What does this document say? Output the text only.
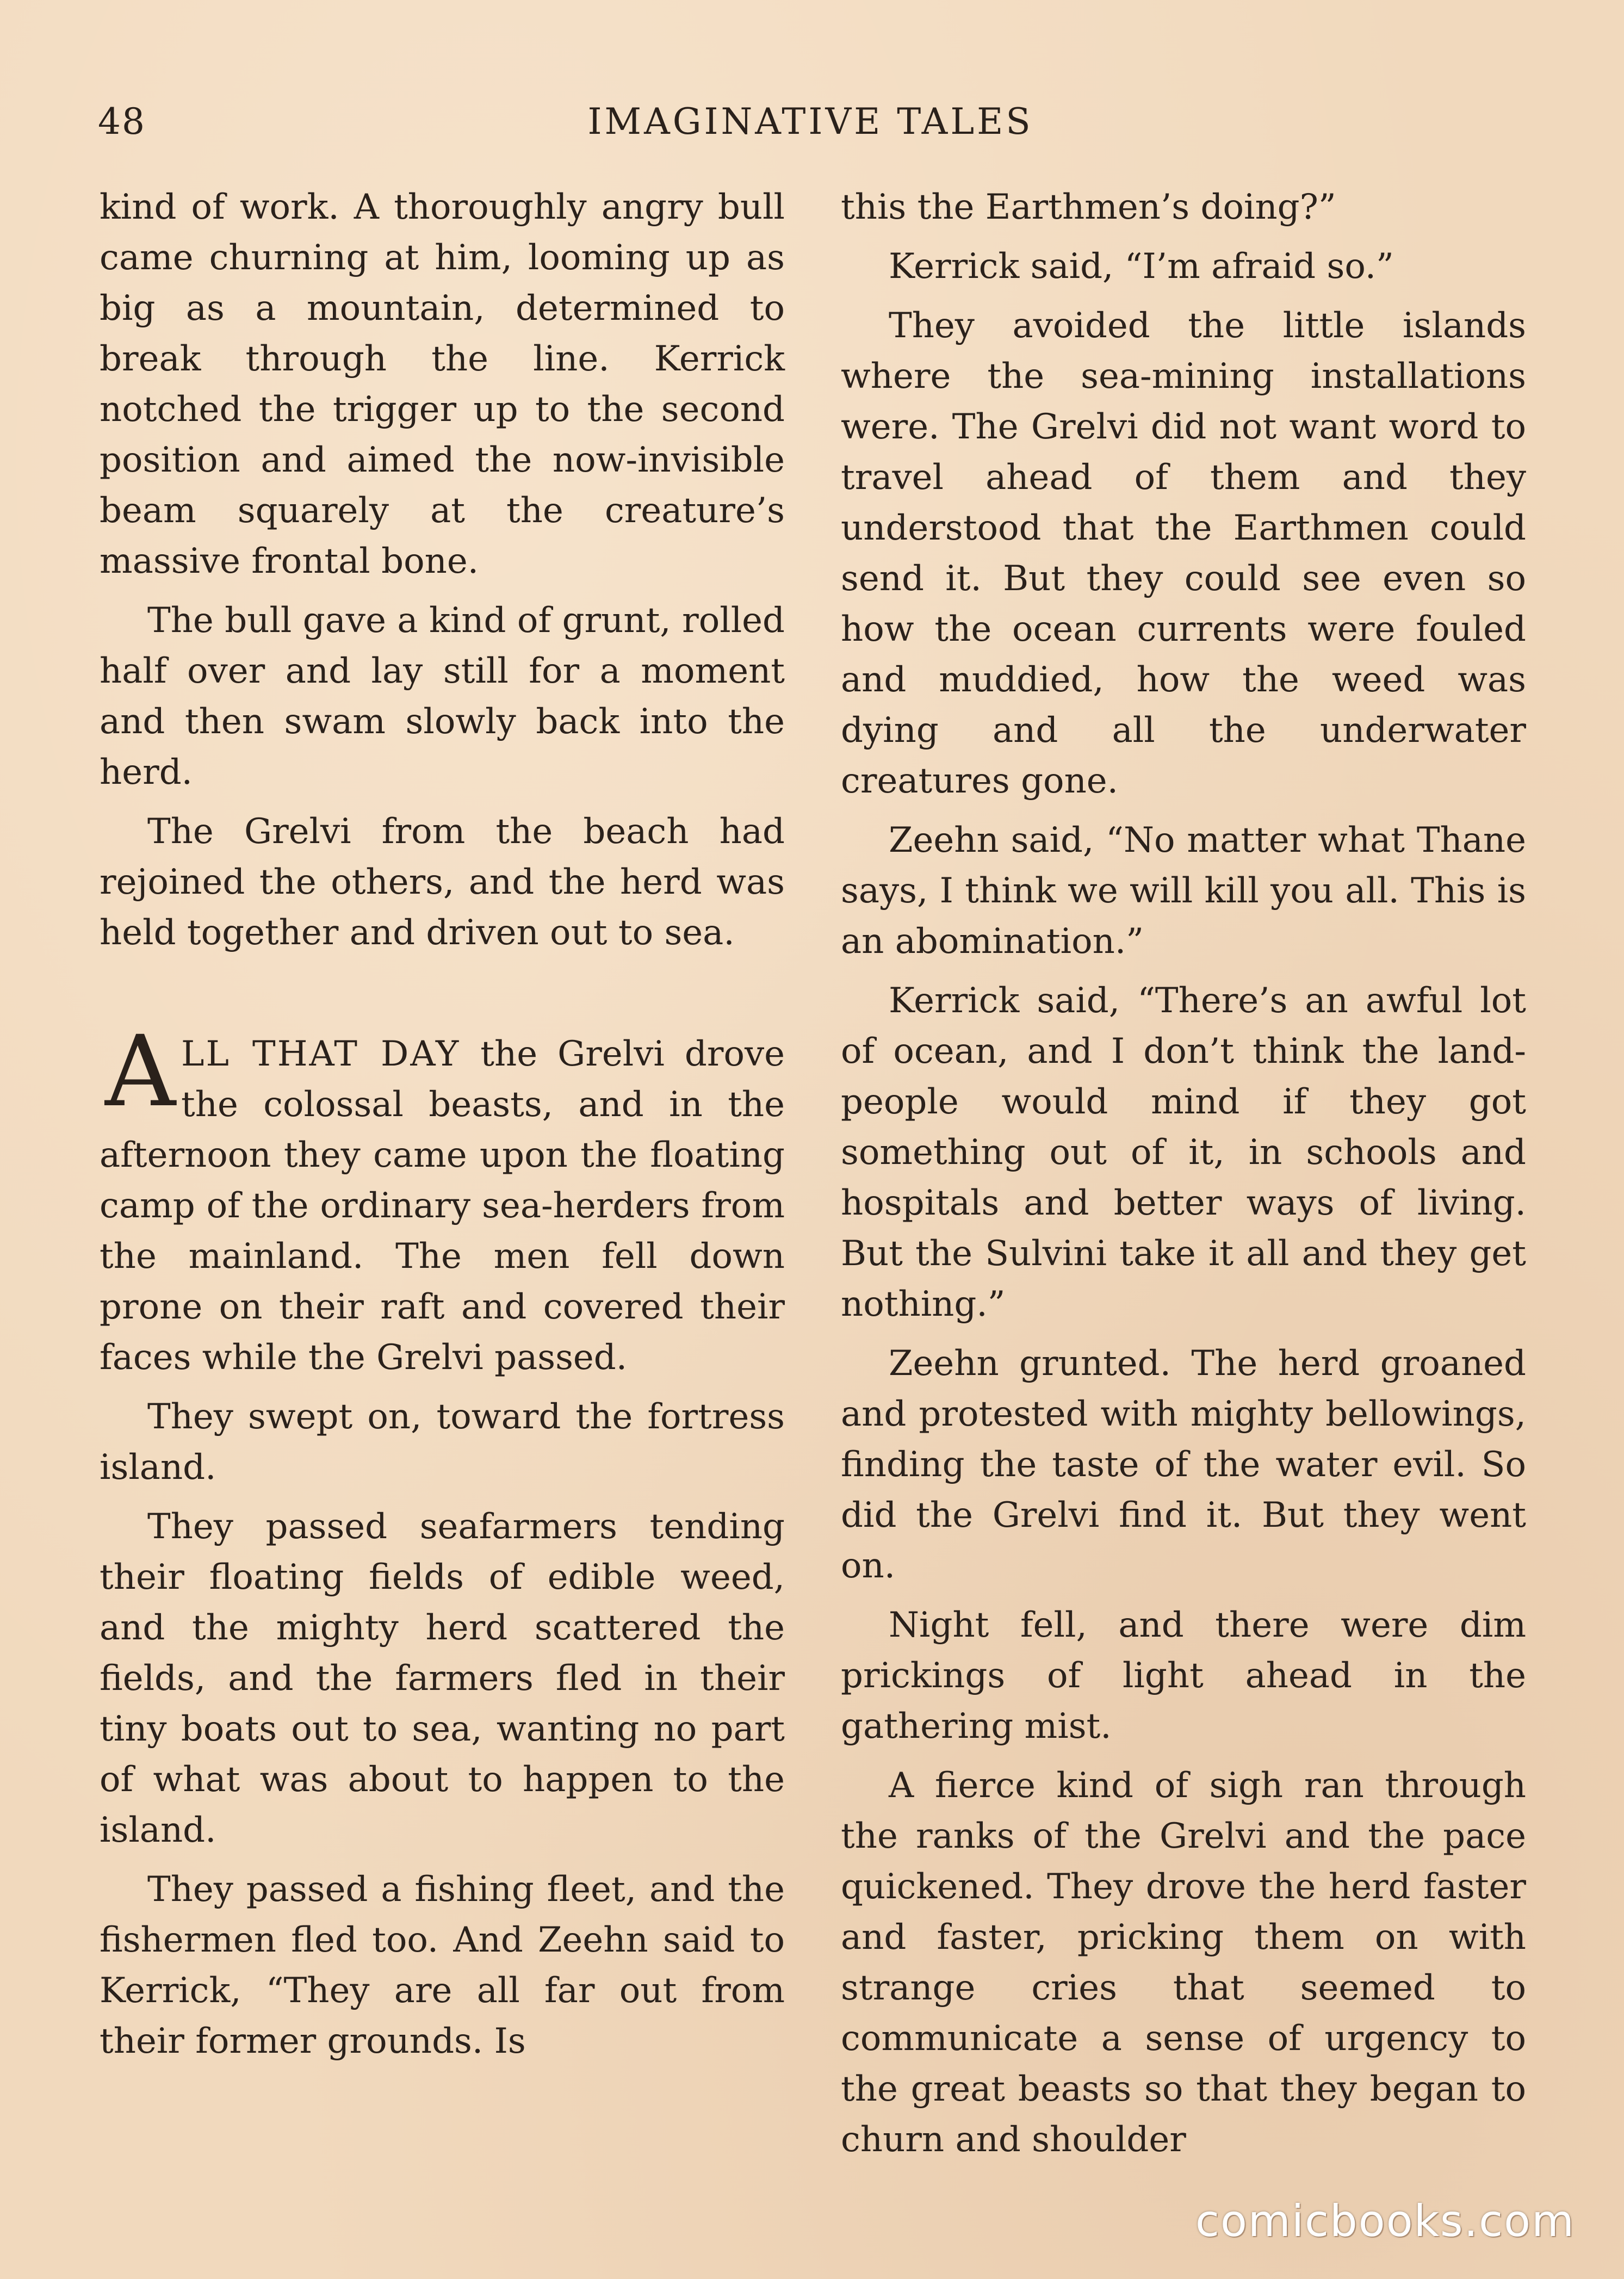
48	IMAGINATIVE TALES

kind of work. A thoroughly angry bull came churning at him, looming up as big as a mountain, determined to break through the line. Kerrick notched the trigger up to the second position and aimed the now-invisible beam squarely at the creature’s massive frontal bone.

The bull gave a kind of grunt, rolled half over and lay still for a moment and then swam slowly back into the herd.

The Grelvi from the beach had rejoined the others, and the herd was held together and driven out to sea.

ALL THAT DAY the Grelvi drove the colossal beasts, and in the afternoon they came upon the floating camp of the ordinary sea-herders from the mainland. The men fell down prone on their raft and covered their faces while the Grelvi passed.

They swept on, toward the fortress island.

They passed seafarmers tending their floating fields of edible weed, and the mighty herd scattered the fields, and the farmers fled in their tiny boats out to sea, wanting no part of what was about to happen to the island.

They passed a fishing fleet, and the fishermen fled too. And Zeehn said to Kerrick, “They are all far out from their former grounds. Is

this the Earthmen’s doing?”

Kerrick said, “I’m afraid so.”

They avoided the little islands where the sea-mining installations were. The Grelvi did not want word to travel ahead of them and they understood that the Earthmen could send it. But they could see even so how the ocean currents were fouled and muddied, how the weed was dying and all the underwater creatures gone.

Zeehn said, “No matter what Thane says, I think we will kill you all. This is an abomination.”

Kerrick said, “There’s an awful lot of ocean, and I don’t think the land-people would mind if they got something out of it, in schools and hospitals and better ways of living. But the Sulvini take it all and they get nothing.”

Zeehn grunted. The herd groaned and protested with mighty bellowings, finding the taste of the water evil. So did the Grelvi find it. But they went on.

Night fell, and there were dim prickings of light ahead in the gathering mist.

A fierce kind of sigh ran through the ranks of the Grelvi and the pace quickened. They drove the herd faster and faster, pricking them on with strange cries that seemed to communicate a sense of urgency to the great beasts so that they began to churn and shoulder

comicbooks.com
